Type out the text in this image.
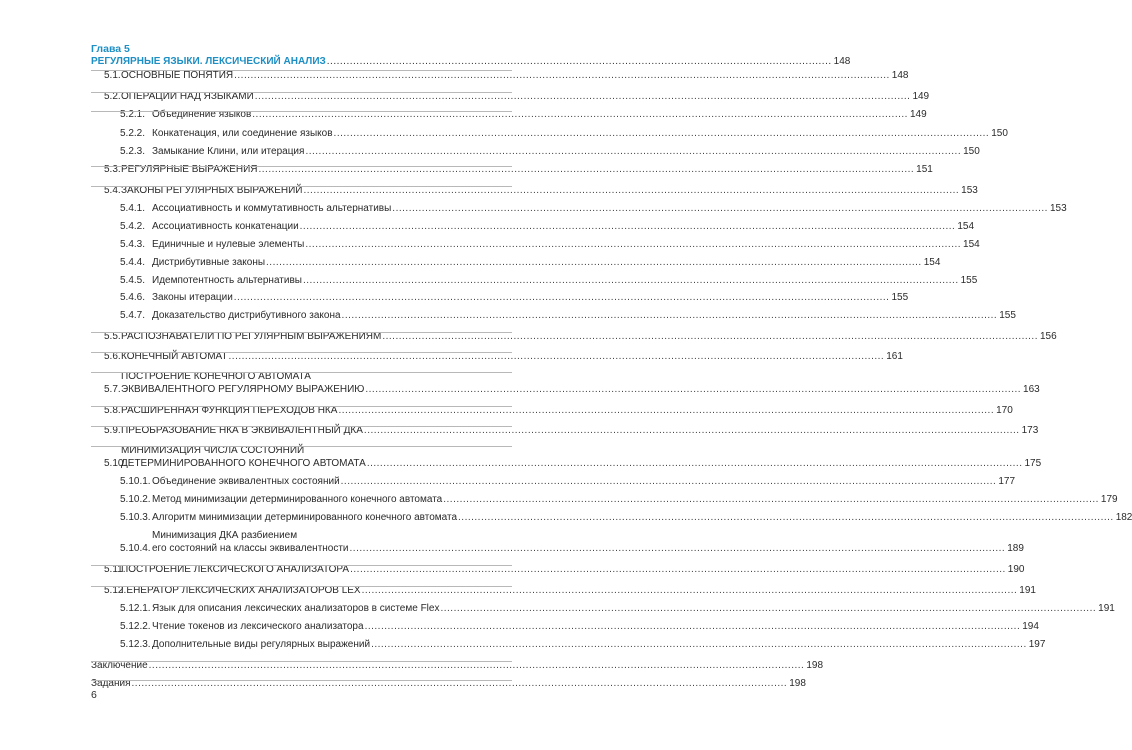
Глава 5
РЕГУЛЯРНЫЕ ЯЗЫКИ. ЛЕКСИЧЕСКИЙ АНАЛИЗ .......................................................................................................................................................... 148
5.1. ОСНОВНЫЕ ПОНЯТИЯ ........................................................................................................................................................................................................ 148
5.2. ОПЕРАЦИИ НАД ЯЗЫКАМИ ........................................................................................................................................................................................................ 149
5.2.1. Объединение языков ........................................................................................................................................................................................................ 149
5.2.2. Конкатенация, или соединение языков ........................................................................................................................................................................................................ 150
5.2.3. Замыкание Клини, или итерация ........................................................................................................................................................................................................ 150
5.3. РЕГУЛЯРНЫЕ ВЫРАЖЕНИЯ ........................................................................................................................................................................................................ 151
5.4. ЗАКОНЫ РЕГУЛЯРНЫХ ВЫРАЖЕНИЙ ........................................................................................................................................................................................................ 153
5.4.1. Ассоциативность и коммутативность альтернативы ........................................................................................................................................................................................................ 153
5.4.2. Ассоциативность конкатенации ........................................................................................................................................................................................................ 154
5.4.3. Единичные и нулевые элементы ........................................................................................................................................................................................................ 154
5.4.4. Дистрибутивные законы ........................................................................................................................................................................................................ 154
5.4.5. Идемпотентность альтернативы ........................................................................................................................................................................................................ 155
5.4.6. Законы итерации ........................................................................................................................................................................................................ 155
5.4.7. Доказательство дистрибутивного закона ........................................................................................................................................................................................................ 155
5.5. РАСПОЗНАВАТЕЛИ ПО РЕГУЛЯРНЫМ ВЫРАЖЕНИЯМ ........................................................................................................................................................................................................ 156
5.6. КОНЕЧНЫЙ АВТОМАТ ........................................................................................................................................................................................................ 161
5.7. ЭКВИВАЛЕНТНОГО РЕГУЛЯРНОМУ ВЫРАЖЕНИЮ
ПОСТРОЕНИЕ КОНЕЧНОГО АВТОМАТА
........................................................................................................................................................................................................ 163
5.8. РАСШИРЕННАЯ ФУНКЦИЯ ПЕРЕХОДОВ НКА ........................................................................................................................................................................................................ 170
5.9. ПРЕОБРАЗОВАНИЕ НКА В ЭКВИВАЛЕНТНЫЙ ДКА ........................................................................................................................................................................................................ 173
5.10.
ДЕТЕРМИНИРОВАННОГО КОНЕЧНОГО АВТОМАТА
МИНИМИЗАЦИЯ ЧИСЛА СОСТОЯНИЙ
........................................................................................................................................................................................................ 175
5.10.1. Объединение эквивалентных состояний ........................................................................................................................................................................................................ 177
5.10.2. Метод минимизации детерминированного конечного автомата ........................................................................................................................................................................................................ 179
5.10.3. Алгоритм минимизации детерминированного конечного автомата ........................................................................................................................................................................................................ 182
5.10.4. его состояний на классы эквивалентности
Минимизация ДКА разбиением
........................................................................................................................................................................................................ 189
5.11.
ПОСТРОЕНИЕ ЛЕКСИЧЕСКОГО АНАЛИЗАТОРА ........................................................................................................................................................................................................ 190
5.12.
ГЕНЕРАТОР ЛЕКСИЧЕСКИХ АНАЛИЗАТОРОВ LEX ........................................................................................................................................................................................................ 191
5.12.1. Язык для описания лексических анализаторов в системе Flex ........................................................................................................................................................................................................ 191
5.12.2. Чтение токенов из лексического анализатора ........................................................................................................................................................................................................ 194
5.12.3. Дополнительные виды регулярных выражений ........................................................................................................................................................................................................ 197
Заключение ........................................................................................................................................................................................................ 198
Задания ........................................................................................................................................................................................................ 198
6
